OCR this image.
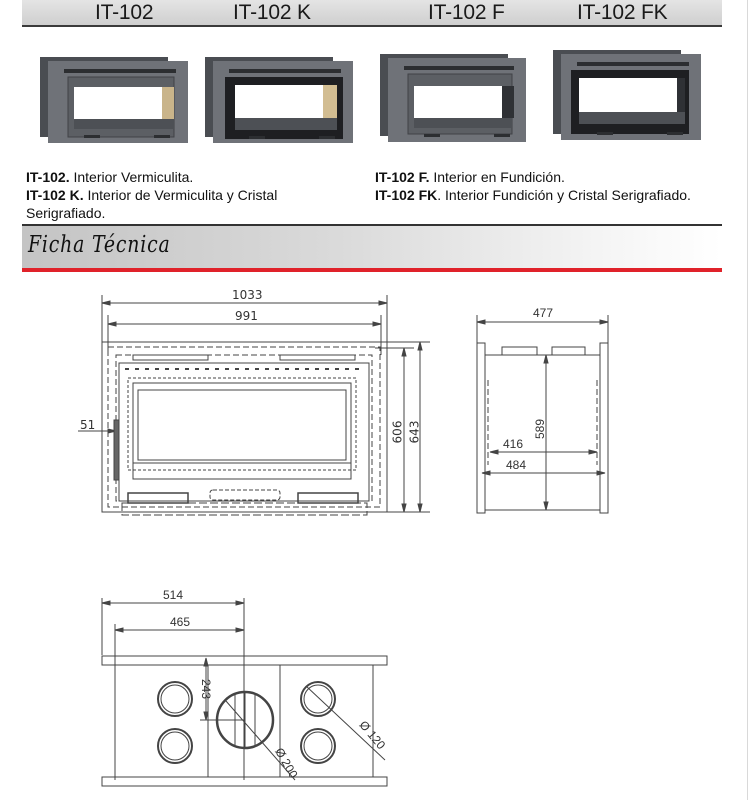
IT-102	IT-102 K	IT-102 F	IT-102 FK
IT-102. Interior Vermiculita.
IT-102 K. Interior de Vermiculita y Cristal
Serigrafiado.
IT-102 F. Interior en Fundición.
IT-102 FK. Interior Fundición y Cristal Serigrafiado.
Ficha Técnica
1033
991
51	606 643
477
589
416
484
514
465
243
Ø 200
Ø 120
